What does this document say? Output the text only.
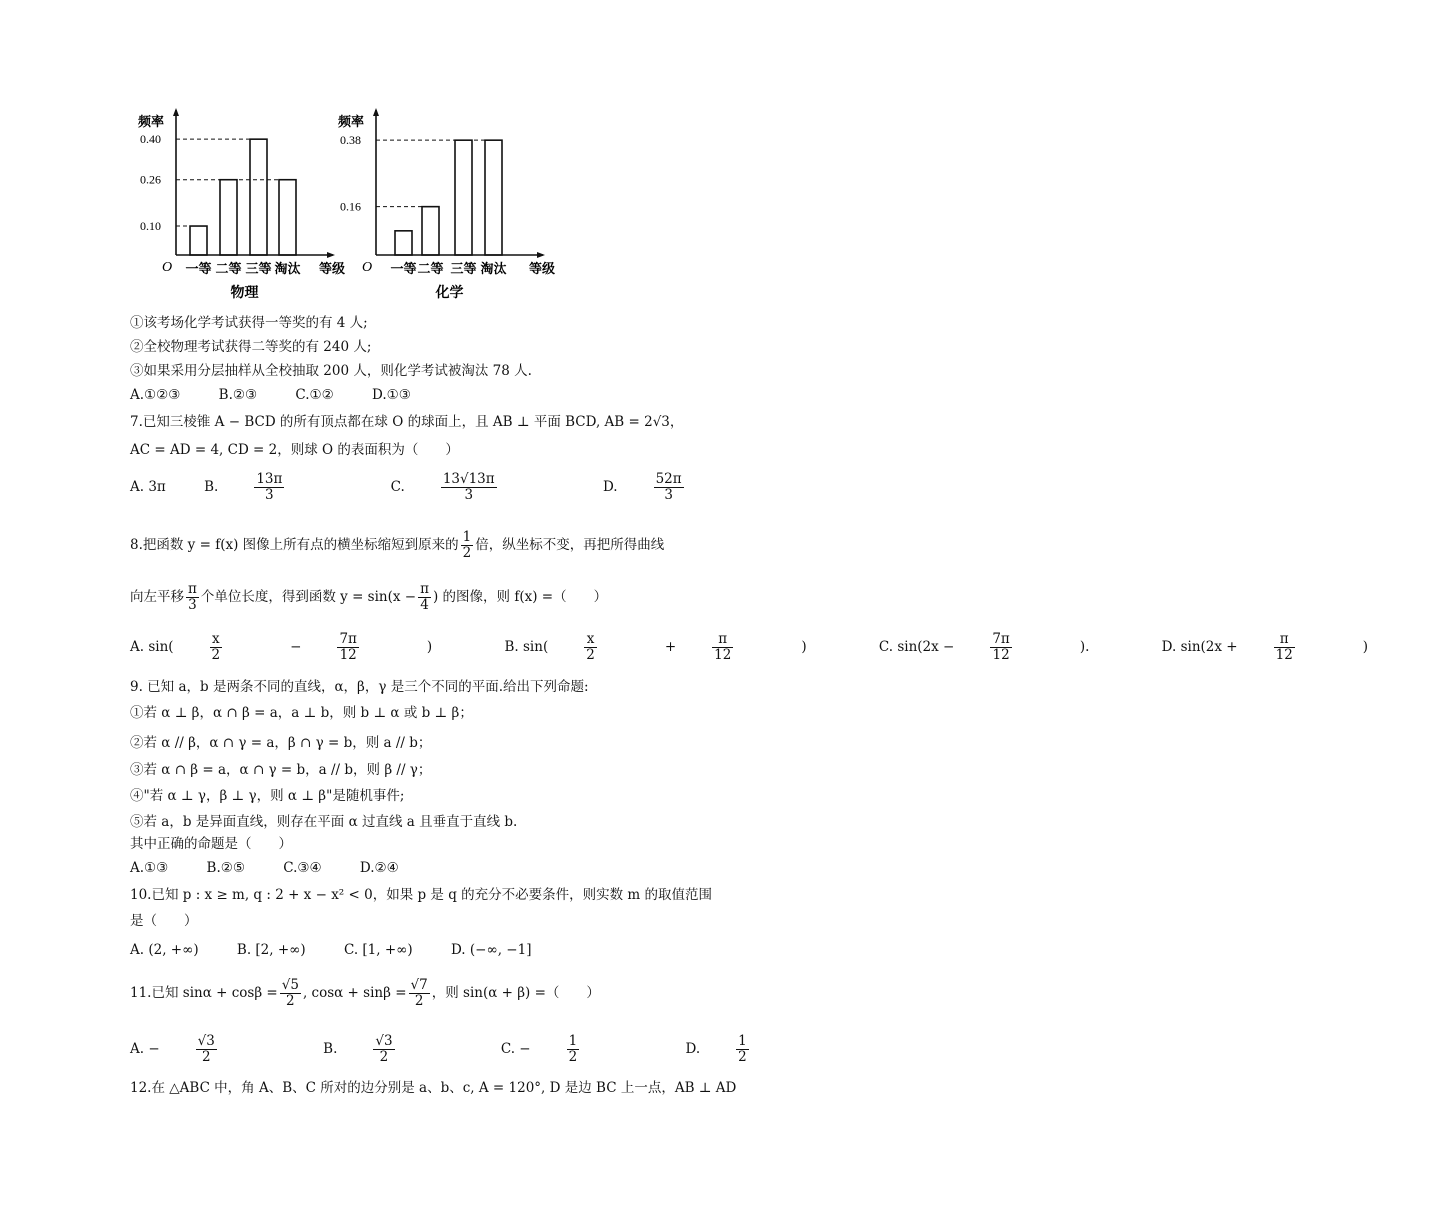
频率
O
0.40
0.26
0.10
一等 二等 三等 淘汰 等级
物理
频率
O
0.38
0.16
一等 二等 三等 淘汰 等级
化学
①该考场化学考试获得一等奖的有 4 人;
②全校物理考试获得二等奖的有 240 人;
③如果采用分层抽样从全校抽取 200 人，则化学考试被淘汰 78 人.
A.①②③	B.②③	C.①②	D.①③
7.已知三棱锥 A − BCD 的所有顶点都在球 O 的球面上，且 AB ⊥ 平面 BCD, AB = 2√3，
AC = AD = 4, CD = 2，则球 O 的表面积为（　　）
A. 3π	B.	$\frac{13\pi}{3}$	C.	$\frac{13√13\pi}{3}$	D.	$\frac{52\pi}{3}$
8.把函数 y = f(x) 图像上所有点的横坐标缩短到原来的 $\frac{1}{2}$ 倍，纵坐标不变，再把所得曲线
向左平移 $\frac{\pi}{3}$ 个单位长度，得到函数 $y = \sin(x - \frac{\pi}{4}$ ) 的图像，则 f(x) =（　　）
A. sin(	$\frac{x}{2}$	−	$\frac{7\pi}{12}$	)	B. sin(	$\frac{x}{2}$	+	$\frac{\pi}{12}$	)	C. sin(2x −	$\frac{7\pi}{12}$	).	D. sin(2x +	$\frac{\pi}{12}$	)
9. 已知 a，b 是两条不同的直线，α，β，γ 是三个不同的平面.给出下列命题:
①若 α ⊥ β，α ∩ β = a，a ⊥ b，则 b ⊥ α 或 b ⊥ β；
②若 α // β，α ∩ γ = a，β ∩ γ = b，则 a // b；
③若 α ∩ β = a，α ∩ γ = b，a // b，则 β // γ；
④"若 α ⊥ γ，β ⊥ γ，则 α ⊥ β"是随机事件;
⑤若 a，b 是异面直线，则存在平面 α 过直线 a 且垂直于直线 b.
其中正确的命题是（　　）
A.①③	B.②⑤	C.③④	D.②④
10.已知 p : x ≥ m, q : 2 + x − x² < 0，如果 p 是 q 的充分不必要条件，则实数 m 的取值范围
是（　　）
A. (2, +∞)	B. [2, +∞)	C. [1, +∞)	D. (−∞, −1]
11.已知 $\sin\alpha + \cos\beta = \frac{√5}{2}$ , $\cos\alpha + \sin\beta = \frac{√7}{2}$ ，则 sin(α + β) =（　　）
A. −	$\frac{√3}{2}$	B.	$\frac{√3}{2}$	C. −	$\frac{1}{2}$	D.	$\frac{1}{2}$
12.在 △ABC 中，角 A、B、C 所对的边分别是 a、b、c, A = 120°, D 是边 BC 上一点，AB ⊥ AD
